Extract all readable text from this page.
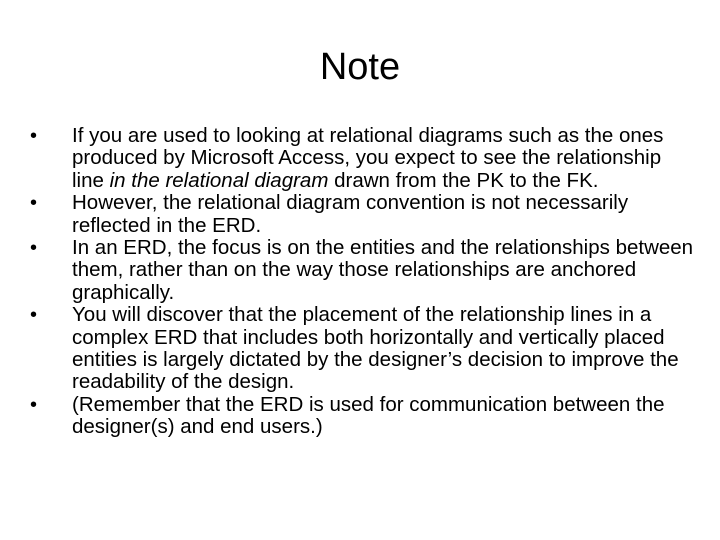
Note
•	If you are used to looking at relational diagrams such as the ones produced by Microsoft Access, you expect to see the relationship line in the relational diagram drawn from the PK to the FK.
•	However, the relational diagram convention is not necessarily reflected in the ERD.
•	In an ERD, the focus is on the entities and the relationships between them, rather than on the way those relationships are anchored graphically.
•	You will discover that the placement of the relationship lines in a complex ERD that includes both horizontally and vertically placed entities is largely dictated by the designer’s decision to improve the readability of the design.
•	(Remember that the ERD is used for communication between the designer(s) and end users.)
